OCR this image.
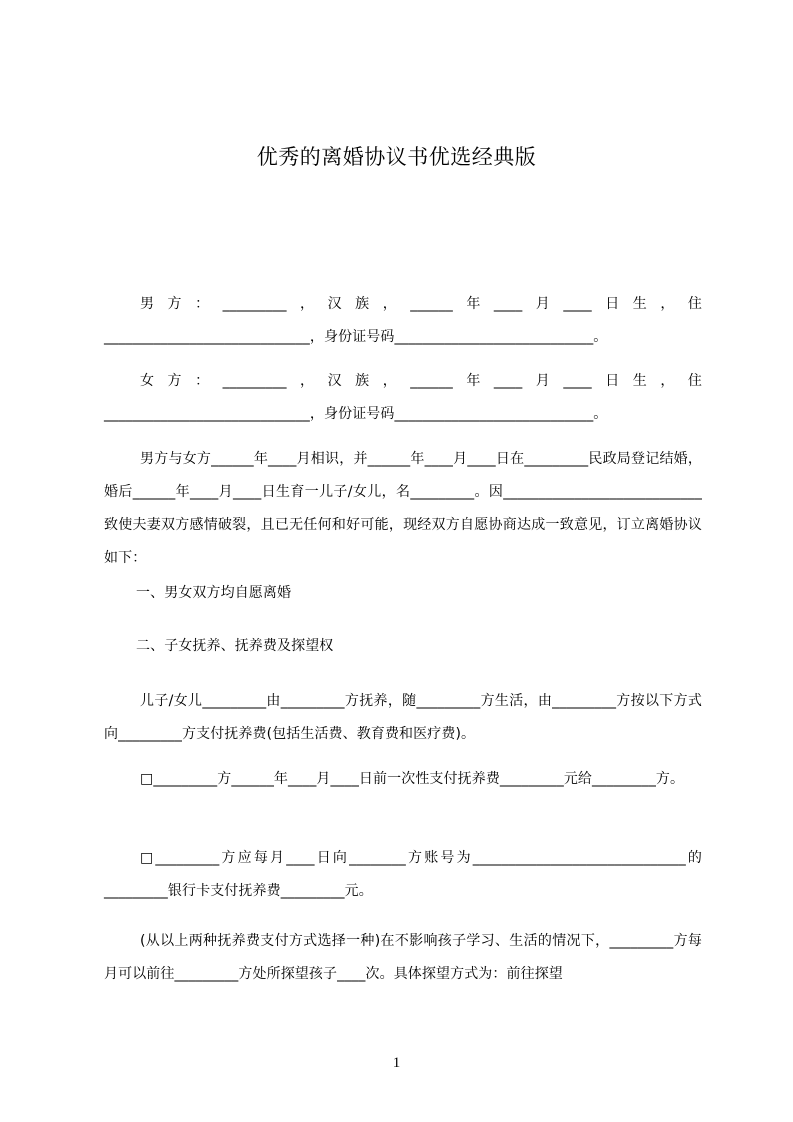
优秀的离婚协议书优选经典版
男方：_________，汉族，______年____月____日生，住_____________________________，身份证号码____________________________。
女方：_________，汉族，______年____月____日生，住_____________________________，身份证号码____________________________。
男方与女方______年____月相识，并______年____月____日在_________民政局登记结婚，婚后______年____月____日生育一儿子/女儿，名_________。因____________________________致使夫妻双方感情破裂，且已无任何和好可能，现经双方自愿协商达成一致意见，订立离婚协议如下：
一、男女双方均自愿离婚
二、子女抚养、抚养费及探望权
儿子/女儿_________由_________方抚养，随_________方生活，由_________方按以下方式向_________方支付抚养费(包括生活费、教育费和医疗费)。
□_________方______年____月____日前一次性支付抚养费_________元给_________方。
□_________方应每月____日向________方账号为______________________________的_________银行卡支付抚养费_________元。
(从以上两种抚养费支付方式选择一种)在不影响孩子学习、生活的情况下，_________方每月可以前往_________方处所探望孩子____次。具体探望方式为：前往探望
1
